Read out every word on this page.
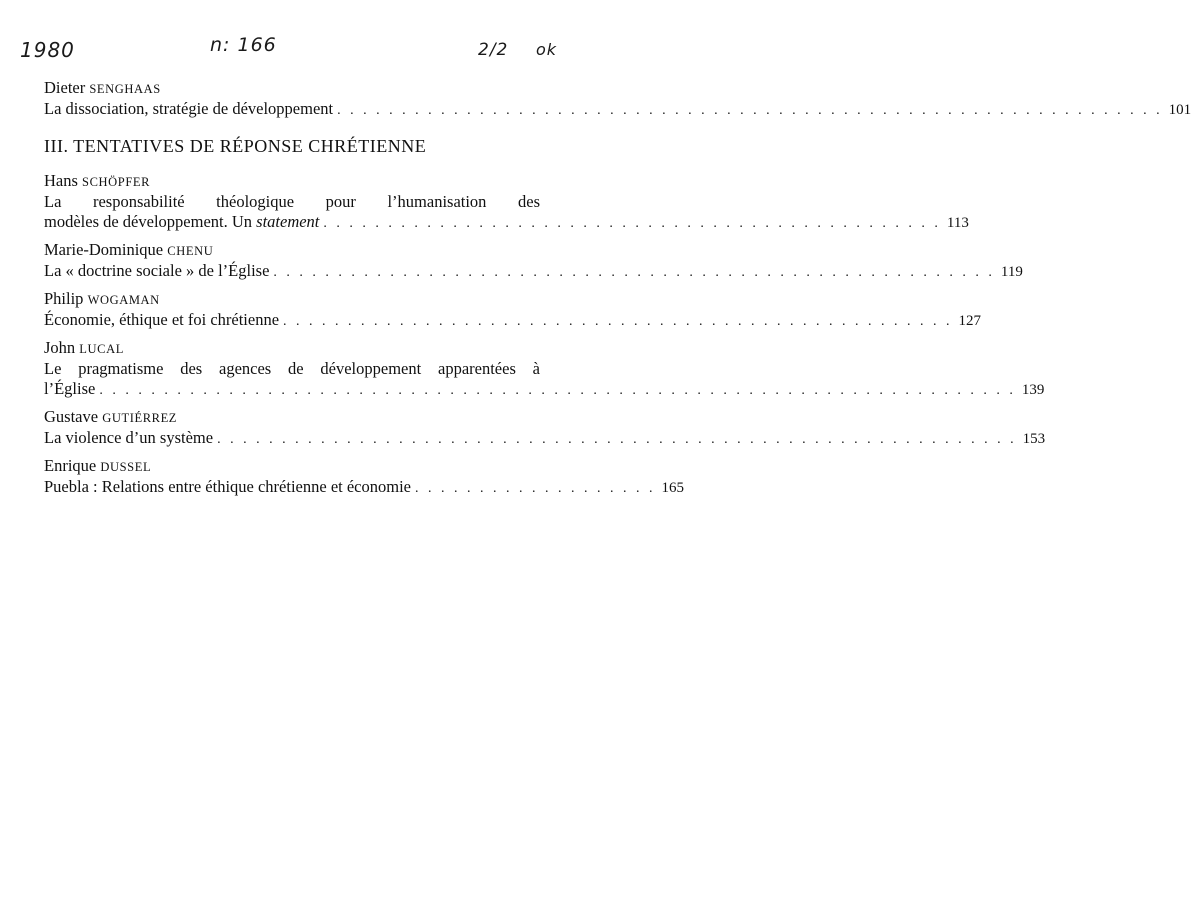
1980	n: 166	2/2 ok
Dieter SENGHAAS
La dissociation, stratégie de développement . . . . . . . . . . . . . . . . . . . . . . . . . . . . . . . . . . . . . . . . . . . . . . . . . . . . . . . . . . . . . . . . 101
III. TENTATIVES DE RÉPONSE CHRÉTIENNE
Hans SCHÖPFER
La responsabilité théologique pour l’humanisation des
modèles de développement. Un statement . . . . . . . . . . . . . . . . . . . . . . . . . . . . . . . . . . . . . . . . . . . . . . . . 113
Marie-Dominique CHENU
La « doctrine sociale » de l’Église . . . . . . . . . . . . . . . . . . . . . . . . . . . . . . . . . . . . . . . . . . . . . . . . . . . . . . . . 119
Philip WOGAMAN
Économie, éthique et foi chrétienne . . . . . . . . . . . . . . . . . . . . . . . . . . . . . . . . . . . . . . . . . . . . . . . . . . . . 127
John LUCAL
Le pragmatisme des agences de développement apparentées à
l’Église . . . . . . . . . . . . . . . . . . . . . . . . . . . . . . . . . . . . . . . . . . . . . . . . . . . . . . . . . . . . . . . . . . . . . . . 139
Gustave GUTIÉRREZ
La violence d’un système . . . . . . . . . . . . . . . . . . . . . . . . . . . . . . . . . . . . . . . . . . . . . . . . . . . . . . . . . . . . . . 153
Enrique DUSSEL
Puebla : Relations entre éthique chrétienne et économie . . . . . . . . . . . . . . . . . . . 165
